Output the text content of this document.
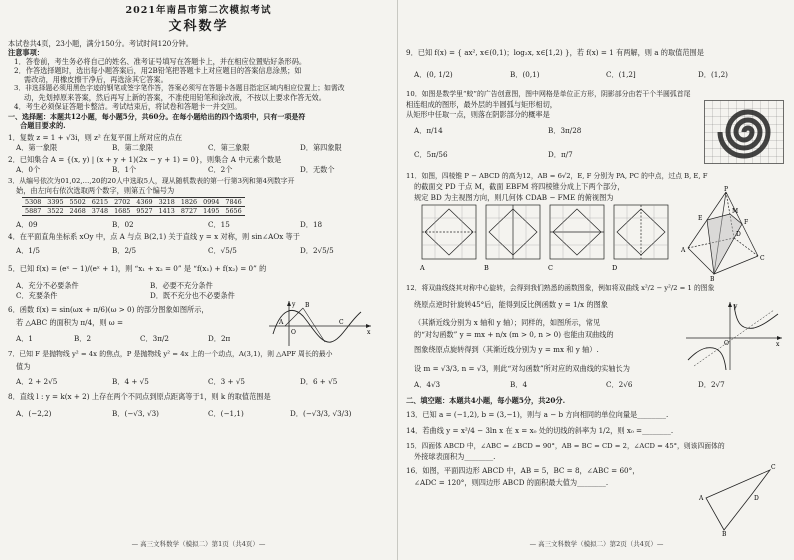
2021年南昌市第二次模拟考试
文科数学
本试卷共4页，23小题，满分150分。考试时间120分钟。
注意事项：
1．答卷前，考生务必将自己的姓名、准考证号填写在答题卡上，并在相应位置贴好条形码。
2．作答选择题时，选出每小题答案后，用2B铅笔把答题卡上对应题目的答案信息涂黑；如
需改动，用橡皮擦干净后，再选涂其它答案。
3．非选择题必须用黑色字迹的钢笔或签字笔作答，答案必须写在答题卡各题目指定区域内相应位置上；如需改
动，先划掉原来答案，然后再写上新的答案，不准使用铅笔和涂改液，不按以上要求作答无效。
4．考生必须保证答题卡整洁。考试结束后，将试卷和答题卡一并交回。
一、选择题：本题共12小题，每小题5分，共60分。在每小题给出的四个选项中，只有一项是符
合题目要求的.
1．复数 z = 1 + √3i，则 z² 在复平面上所对应的点在
A．第一象限	B．第二象限	C．第三象限	D．第四象限
2．已知集合 A = {(x, y) | (x + y + 1)(2x − y + 1) = 0}，则集合 A 中元素个数是
A．0个	B．1个	C．2个	D．无数个
3．从编号依次为01,02,…,20的20人中选取5人，现从随机数表的第一行第3列和第4列数字开
始，由左向右依次选取两个数字，则第五个编号为
5308	3395	5502	6215	2702	4369	3218	1826	0994	7846
5887	3522	2468	3748	1685	9527	1413	8727	1495	5656
A．09	B．02	C．15	D．18
4．在平面直角坐标系 xOy 中，点 A 与点 B(2,1) 关于直线 y = x 对称，则 sin∠AOx 等于
A．1/5	B．2/5	C．√5/5	D．2√5/5
5．已知 f(x) = (eˣ − 1)/(eˣ + 1)，则 “x₁ + x₂ = 0” 是 “f(x₁) + f(x₂) = 0” 的
A．充分不必要条件	B．必要不充分条件
C．充要条件	D．既不充分也不必要条件
6．函数 f(x) = sin(ωx + π/6)(ω > 0) 的部分图象如图所示，
若 △ABC 的面积为 π/4，则 ω =
A．1	B．2	C．3π/2	D．2π
O
A
B
C
x
y
7．已知 F 是抛物线 y² = 4x 的焦点，P 是抛物线 y² = 4x 上的一个动点，A(3,1)，则 △APF 周长的最小
值为
A．2 + 2√5	B．4 + √5	C．3 + √5	D．6 + √5
8．直线 l : y = k(x + 2) 上存在两个不同点到原点距离等于1，则 k 的取值范围是
A．(−2,2)	B．(−√3, √3)	C．(−1,1)	D．(−√3/3, √3/3)
— 高三文科数学（模拟二）第1页（共4页）—
9．已知 f(x) = { ax², x∈(0,1)；log₂x, x∈[1,2) }，若 f(x) = 1 有两解，则 a 的取值范围是
A．(0, 1/2)	B．(0,1)	C．(1,2]	D．(1,2)
10．如图是数学里“蛟”的广告创意图，图中网格是单位正方形，阴影部分由若干个半圆弧首尾
相连组成的图形，最外层的半圆弧与矩形相切，
从矩形中任取一点，则落在阴影部分的概率是
A．π/14	B．3π/28
C．5π/56	D．π/7
11．如图，四棱锥 P − ABCD 的高为12，AB = 6√2，E, F 分别为 PA, PC 的中点，过点 B, E, F
的截面交 PD 于点 M，截面 EBFM 将四棱锥分成上下两个部分，
规定 BD 为主视图方向，则几何体 CDAB − FME 的俯视图为
A	B	C	D
P
E
M
F
A
B
C
D
12．将双曲线绕其对称中心旋转，会得到我们熟悉的函数图象，例如将双曲线 x²/2 − y²/2 = 1 的图象
绕原点逆时针旋转45°后，能得到反比例函数 y = 1/x 的图象
（其渐近线分别为 x 轴和 y 轴）；同样的，如图所示，常见
的“对勾函数” y = mx + n/x (m > 0, n > 0) 也能由双曲线的
图象绕原点旋转得到（其渐近线分别为 y = mx 和 y 轴）.
设 m = √3/3, n = √3，则此“对勾函数”所对应的双曲线的实轴长为
A．4√3	B．4	C．2√6	D．2√7
O	x
y
二、填空题：本题共4小题，每小题5分，共20分.
13．已知 a = (−1,2), b = (3,−1)，则与 a − b 方向相同的单位向量是________.
14．若曲线 y = x²/4 − 3ln x 在 x = x₀ 处的切线的斜率为 1/2，则 x₀ =________.
15．四面体 ABCD 中，∠ABC = ∠BCD = 90°，AB = BC = CD = 2，∠ACD = 45°，则该四面体的
外接球表面积为________.
16．如图，平面四边形 ABCD 中，AB = 5，BC = 8，∠ABC = 60°，
∠ADC = 120°，则四边形 ABCD 的面积最大值为________.
A
B
C
D
— 高三文科数学（模拟二）第2页（共4页）—
